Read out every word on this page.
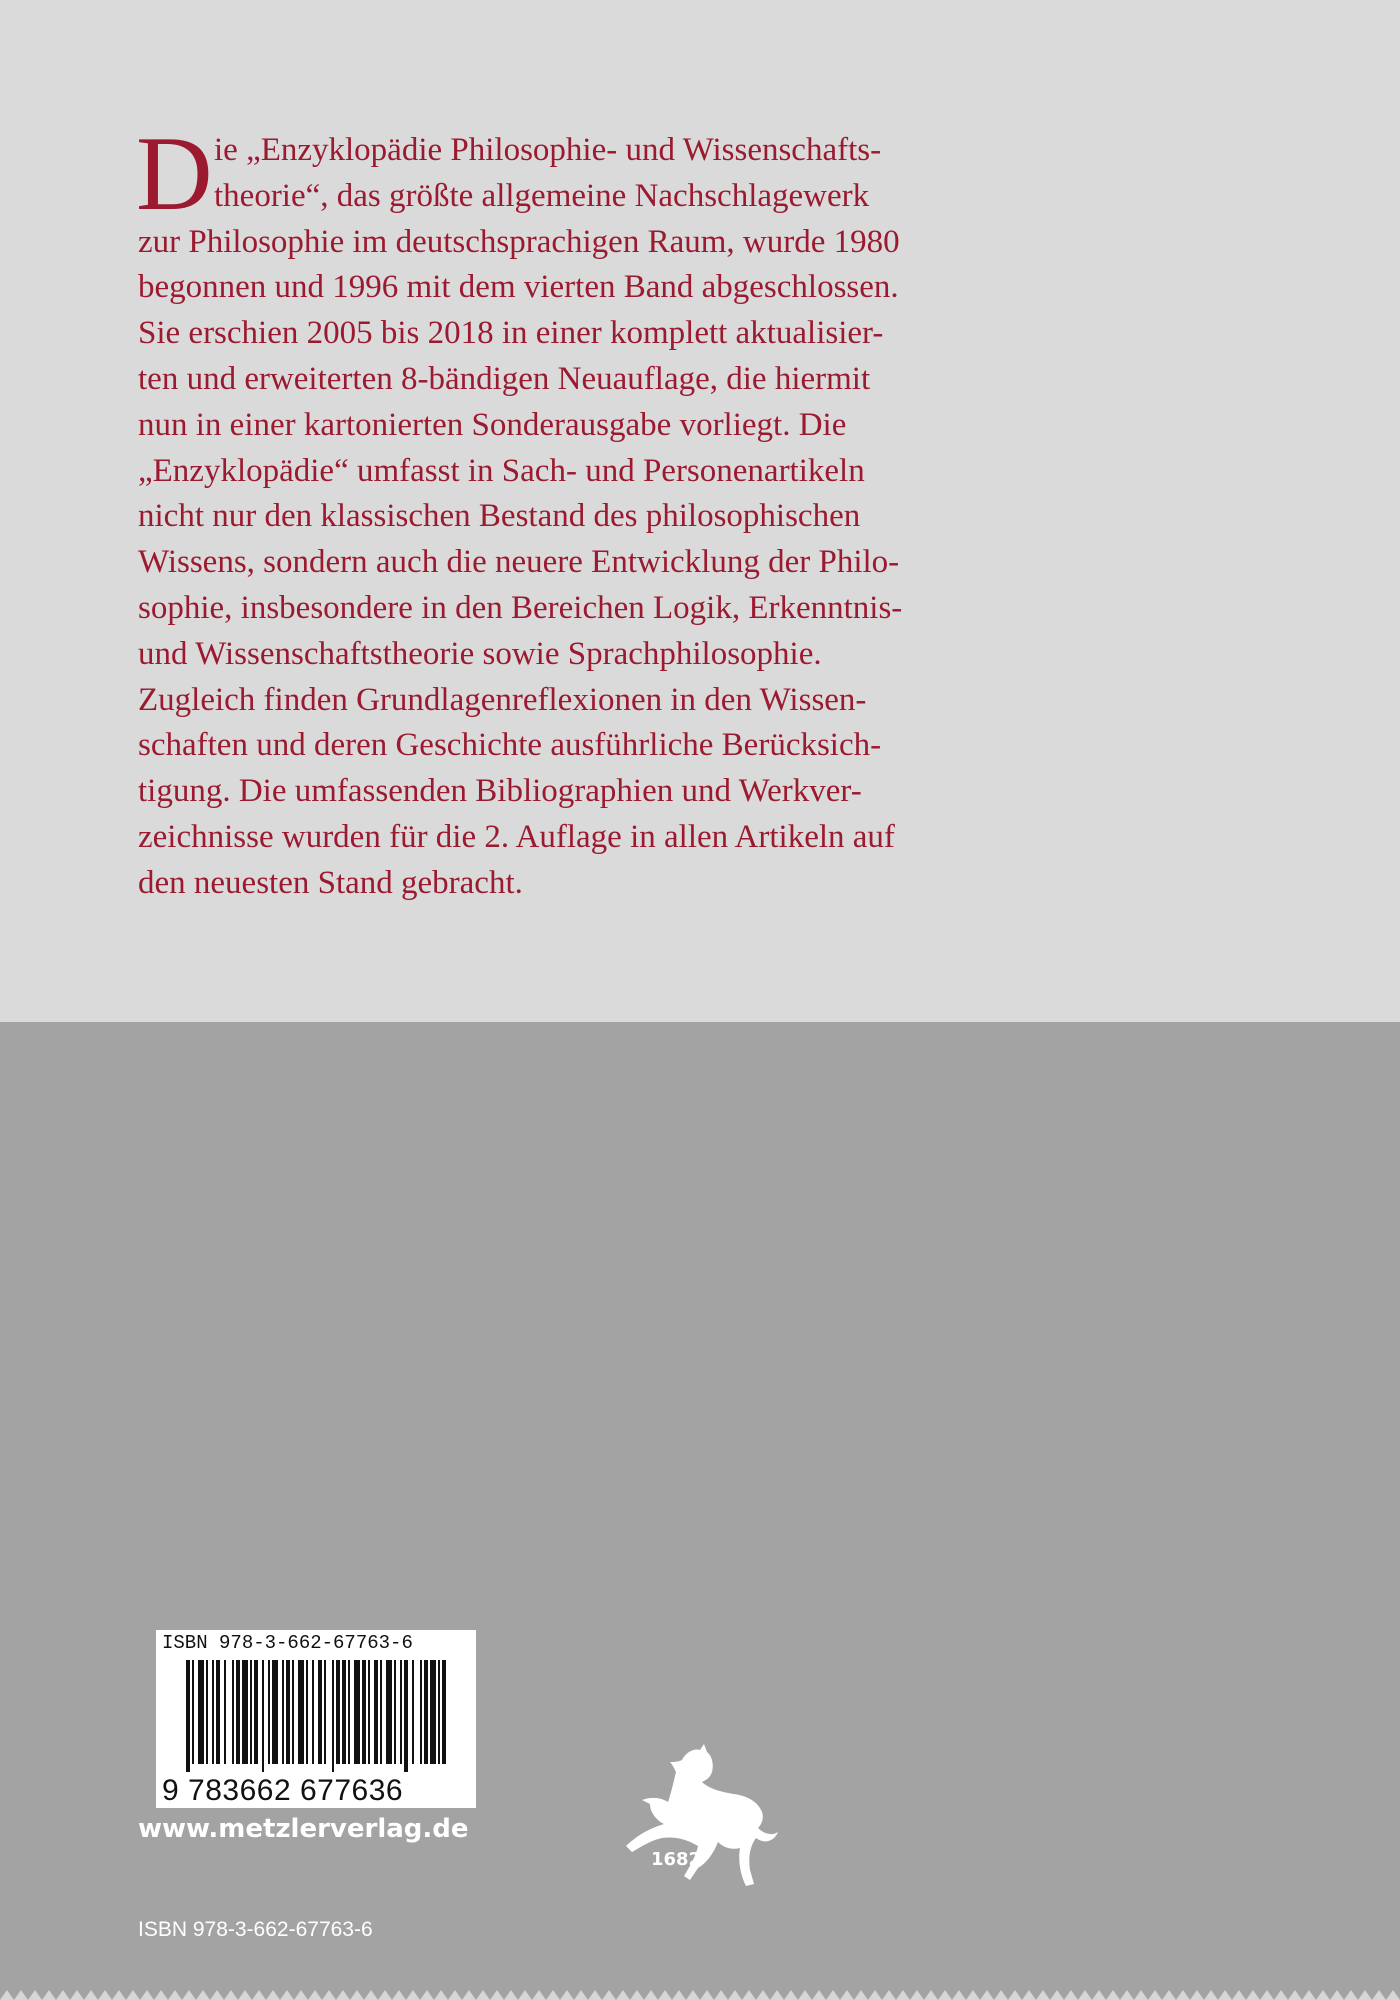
D ie „Enzyklopädie Philosophie- und Wissenschafts-
theorie“, das größte allgemeine Nachschlagewerk
zur Philosophie im deutschsprachigen Raum, wurde 1980
begonnen und 1996 mit dem vierten Band abgeschlossen.
Sie erschien 2005 bis 2018 in einer komplett aktualisier-
ten und erweiterten 8-bändigen Neuauflage, die hiermit
nun in einer kartonierten Sonderausgabe vorliegt. Die
„Enzyklopädie“ umfasst in Sach- und Personenartikeln
nicht nur den klassischen Bestand des philosophischen
Wissens, sondern auch die neuere Entwicklung der Philo-
sophie, insbesondere in den Bereichen Logik, Erkenntnis-
und Wissenschaftstheorie sowie Sprachphilosophie.
Zugleich finden Grundlagenreflexionen in den Wissen-
schaften und deren Geschichte ausführliche Berücksich-
tigung. Die umfassenden Bibliographien und Werkver-
zeichnisse wurden für die 2. Auflage in allen Artikeln auf
den neuesten Stand gebracht.
ISBN 978-3-662-67763-6
9 783662 677636
www.metzlerverlag.de
1682
ISBN 978-3-662-67763-6
